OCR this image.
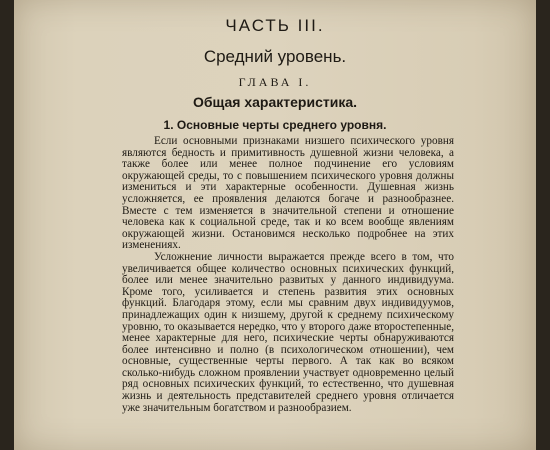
ЧАСТЬ III.
Средний уровень.
ГЛАВА I.
Общая характеристика.
1. Основные черты среднего уровня.

Если основными признаками низшего психического уровня являются бедность и примитивность душевной жизни человека, а также более или менее полное подчинение его условиям окружающей среды, то с повышением психического уровня должны измениться и эти характерные особенности. Душевная жизнь усложняется, ее проявления делаются богаче и разнообразнее. Вместе с тем изменяется в значительной степени и отношение человека как к социальной среде, так и ко всем вообще явлениям окружающей жизни. Остановимся несколько подробнее на этих изменениях.

Усложнение личности выражается прежде всего в том, что увеличивается общее количество основных психических функций, более или менее значительно развитых у данного индивидуума. Кроме того, усиливается и степень развития этих основных функций. Благодаря этому, если мы сравним двух индивидуумов, принадлежащих один к низшему, другой к среднему психическому уровню, то оказывается нередко, что у второго даже второстепенные, менее характерные для него, психические черты обнаруживаются более интенсивно и полно (в психологическом отношении), чем основные, существенные черты первого. А так как во всяком сколько-нибудь сложном проявлении участвует одновременно целый ряд основных психических функций, то естественно, что душевная жизнь и деятельность представителей среднего уровня отличается уже значительным богатством и разнообразием.
